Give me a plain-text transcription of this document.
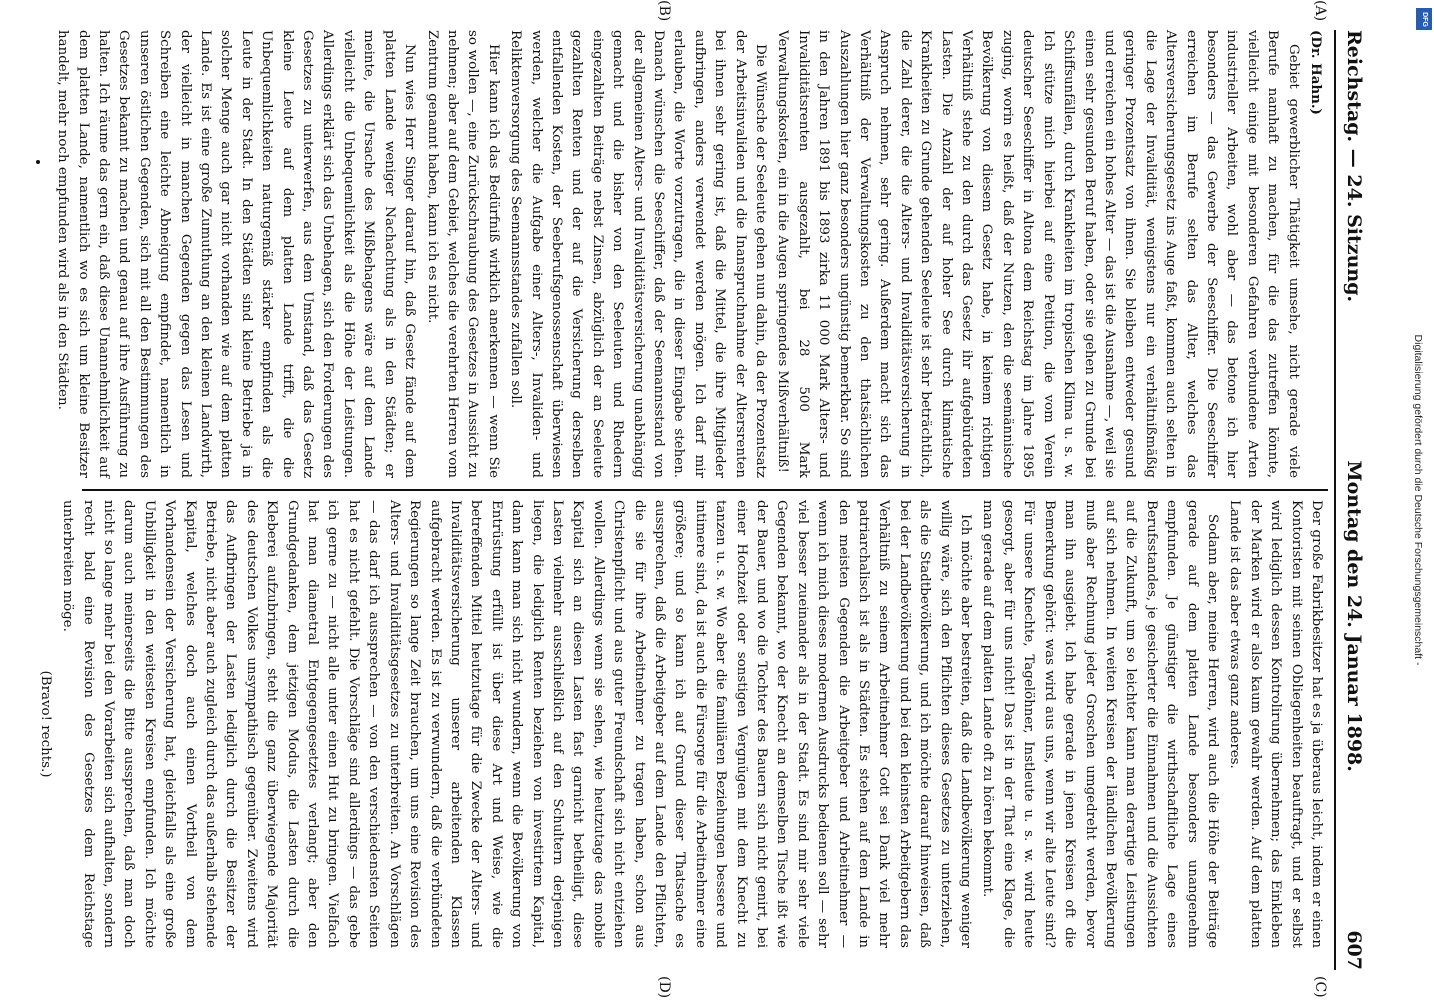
Reichstag. — 24. Sitzung.
Montag den 24. Januar 1898.
607

(Dr. Hahn.)

Gebiet gewerblicher Thätigkeit umsehe, nicht gerade viele Berufe namhaft zu machen, für die das zutreffen könnte, vielleicht einige mit besonderen Gefahren verbundene Arten industrieller Arbeiten, wohl aber — das betone ich hier besonders — das Gewerbe der Seeschiffer. Die Seeschiffer erreichen im Berufe selten das Alter, welches das Altersversicherungsgesetz ins Auge faßt, kommen auch selten in die Lage der Invalidität, wenigstens nur ein verhältnißmäßig geringer Prozentsatz von ihnen. Sie bleiben entweder gesund und erreichen ein hohes Alter — das ist die Ausnahme —, weil sie einen sehr gesunden Beruf haben, oder sie gehen zu Grunde bei Schiffsunfällen, durch Krankheiten im tropischen Klima u. s. w. Ich stütze mich hierbei auf eine Petition, die vom Verein deutscher Seeschiffer in Altona dem Reichstag im Jahre 1895 zuging, worin es heißt, daß der Nutzen, den die seemännische Bevölkerung von diesem Gesetz habe, in keinem richtigen Verhältniß stehe zu den durch das Gesetz ihr aufgebürdeten Lasten. Die Anzahl der auf hoher See durch klimatische Krankheiten zu Grunde gehenden Seeleute ist sehr beträchtlich, die Zahl derer, die die Alters- und Invaliditätsversicherung in Anspruch nehmen, sehr gering. Außerdem macht sich das Verhältniß der Verwaltungskosten zu den thatsächlichen Auszahlungen hier ganz besonders ungünstig bemerkbar. So sind in den Jahren 1891 bis 1893 zirka 11 000 Mark Alters- und Invaliditätsrenten ausgezahlt, bei 28 500 Mark Verwaltungskosten, ein in die Augen springendes Mißverhältniß!

Die Wünsche der Seeleute gehen nun dahin, da der Prozentsatz der Arbeitsinvaliden und die Inanspruchnahme der Altersrenten bei ihnen sehr gering ist, daß die Mittel, die ihre Mitglieder aufbringen, anders verwendet werden mögen. Ich darf mir erlauben, die Worte vorzutragen, die in dieser Eingabe stehen. Danach wünschen die Seeschiffer, daß der Seemannsstand von der allgemeinen Alters- und Invaliditätsversicherung unabhängig gemacht und die bisher von den Seeleuten und Rhedern eingezahlten Beiträge nebst Zinsen, abzüglich der an Seeleute gezahlten Renten und der auf die Versicherung derselben entfallenden Kosten, der Seeberufsgenossenschaft überwiesen werden, welcher die Aufgabe einer Alters-, Invaliden- und Reliktenversorgung des Seemannsstandes zufallen soll.

Hier kann ich das Bedürfniß wirklich anerkennen — wenn Sie so wollen —, eine Zurückschraubung des Gesetzes in Aussicht zu nehmen; aber auf dem Gebiet, welches die verehrten Herren vom Zentrum genannt haben, kann ich es nicht.

Nun wies Herr Singer darauf hin, daß Gesetz fände auf dem platten Lande weniger Nachachtung als in den Städten; er meinte, die Ursache des Mißbehagens wäre auf dem Lande vielleicht die Unbequemlichkeit als die Höhe der Leistungen. Allerdings erklärt sich das Unbehagen, sich den Forderungen des Gesetzes zu unterwerfen, aus dem Umstand, daß das Gesetz kleine Leute auf dem platten Lande trifft, die die Unbequemlichkeiten naturgemäß stärker empfinden als die Leute in der Stadt. In den Städten sind kleine Betriebe ja in solcher Menge auch gar nicht vorhanden wie auf dem platten Lande. Es ist eine große Zumuthung an den kleinen Landwirth, der vielleicht in manchen Gegenden gegen das Lesen und Schreiben eine leichte Abneigung empfindet, namentlich in unseren östlichen Gegenden, sich mit all den Bestimmungen des Gesetzes bekannt zu machen und genau auf ihre Ausführung zu halten. Ich räume das gern ein, daß diese Unannehmlichkeit auf dem platten Lande, namentlich wo es sich um kleine Besitzer handelt, mehr noch empfunden wird als in den Städten.

Der große Fabrikbesitzer hat es ja überaus leicht, indem er einen Kontoristen mit seinen Obliegenheiten beauftragt, und er selbst wird lediglich dessen Kontrolirung übernehmen; das Einkleben der Marken wird er also kaum gewahr werden. Auf dem platten Lande ist das aber etwas ganz anderes.

Sodann aber, meine Herren, wird auch die Höhe der Beiträge gerade auf dem platten Lande besonders unangenehm empfunden. Je günstiger die wirthschaftliche Lage eines Berufsstandes, je gesicherter die Einnahmen und die Aussichten auf die Zukunft, um so leichter kann man derartige Leistungen auf sich nehmen. In weiten Kreisen der ländlichen Bevölkerung muß aber Rechnung jeder Groschen umgedreht werden, bevor man ihn ausgiebt. Ich habe gerade in jenen Kreisen oft die Bemerkung gehört: was wird aus uns, wenn wir alte Leute sind? Für unsere Knechte, Tagelöhner, Instleute u. s. w. wird heute gesorgt, aber für uns nicht! Das ist in der That eine Klage, die man gerade auf dem platten Lande oft zu hören bekommt.

Ich möchte aber bestreiten, daß die Landbevölkerung weniger willig wäre, sich den Pflichten dieses Gesetzes zu unterziehen, als die Stadtbevölkerung, und ich möchte darauf hinweisen, daß bei der Landbevölkerung und bei den kleinsten Arbeitgebern das Verhältniß zu seinem Arbeitnehmer Gott sei Dank viel mehr patriarchalisch ist als in Städten. Es stehen auf dem Lande in den meisten Gegenden die Arbeitgeber und Arbeitnehmer — wenn ich mich dieses modernen Ausdrucks bedienen soll — sehr viel besser zueinander als in der Stadt. Es sind mir sehr viele Gegenden bekannt, wo der Knecht an demselben Tische ißt wie der Bauer, und wo die Tochter des Bauern sich nicht genirt, bei einer Hochzeit oder sonstigen Vergnügen mit dem Knecht zu tanzen u. s. w. Wo aber die familiären Beziehungen bessere und intimere sind, da ist auch die Fürsorge für die Arbeitnehmer eine größere; und so kann ich auf Grund dieser Thatsache es aussprechen, daß die Arbeitgeber auf dem Lande den Pflichten, die sie für ihre Arbeitnehmer zu tragen haben, schon aus Christenpflicht und aus guter Freundschaft sich nicht entziehen wollen. Allerdings wenn sie sehen, wie heutzutage das mobile Kapital sich an diesen Lasten fast garnicht betheiligt, diese Lasten vielmehr ausschließlich auf den Schultern derjenigen liegen, die lediglich Renten beziehen von investirtem Kapital, dann kann man sich nicht wundern, wenn die Bevölkerung von Entrüstung erfüllt ist über diese Art und Weise, wie die betreffenden Mittel heutzutage für die Zwecke der Alters- und Invaliditätsversicherung unserer arbeitenden Klassen aufgebracht werden. Es ist zu verwundern, daß die verbündeten Regierungen so lange Zeit brauchen, um uns eine Revision des Alters- und Invaliditätsgesetzes zu unterbreiten. An Vorschlägen — das darf ich aussprechen — von den verschiedensten Seiten hat es nicht gefehlt. Die Vorschläge sind allerdings — das gebe ich gerne zu — nicht alle unter einen Hut zu bringen. Vielfach hat man diametral Entgegengesetztes verlangt; aber den Grundgedanken, dem jetzigen Modus, die Lasten durch die Kleberei aufzubringen, steht die ganz überwiegende Majorität des deutschen Volkes unsympathisch gegenüber. Zweitens wird das Aufbringen der Lasten lediglich durch die Besitzer der Betriebe, nicht aber auch zugleich durch das außerhalb stehende Kapital, welches doch auch einen Vortheil von dem Vorhandensein der Versicherung hat, gleichfalls als eine große Unbilligkeit in den weitesten Kreisen empfunden. Ich möchte darum auch meinerseits die Bitte aussprechen, daß man doch nicht so lange mehr bei den Vorarbeiten sich aufhalten, sondern recht bald eine Revision des Gesetzes dem Reichstage unterbreiten möge.

(Bravo! rechts.)

(A)
(B)
(C)
(D)
DFG
Digitalisierung gefördert durch die Deutsche Forschungsgemeinschaft -
